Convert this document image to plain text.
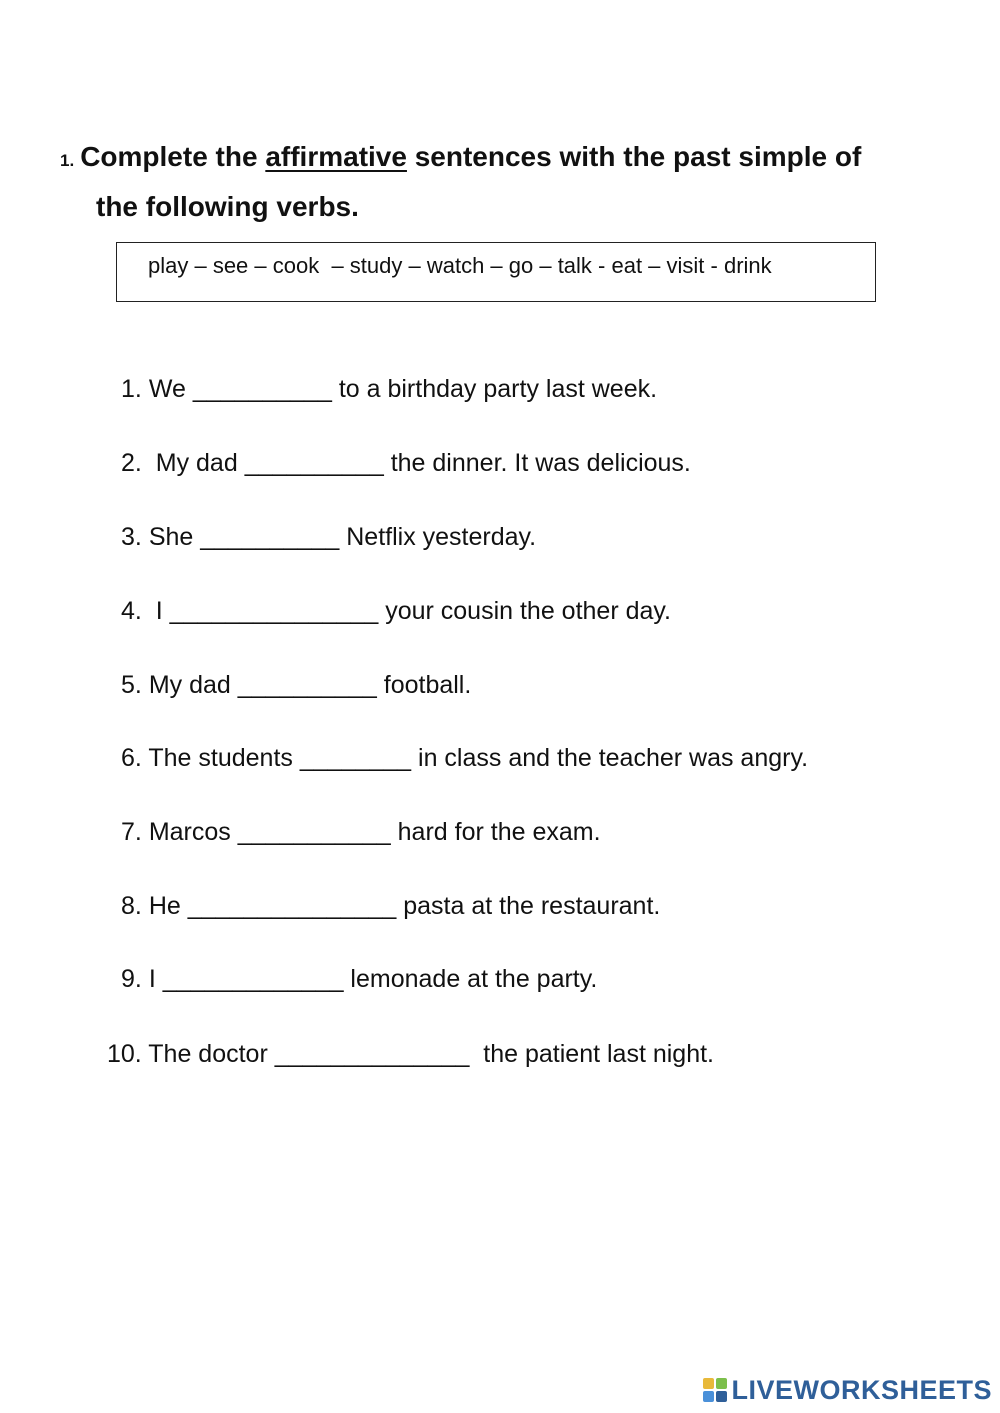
1. Complete the affirmative sentences with the past simple of
the following verbs.
play – see – cook  – study – watch – go – talk - eat – visit - drink
1. We __________ to a birthday party last week.
2.  My dad __________ the dinner. It was delicious.
3. She __________ Netflix yesterday.
4.  I _______________ your cousin the other day.
5. My dad __________ football.
6. The students ________ in class and the teacher was angry.
7. Marcos ___________ hard for the exam.
8. He _______________ pasta at the restaurant.
9. I _____________ lemonade at the party.
10. The doctor ______________  the patient last night.
LIVEWORKSHEETS
